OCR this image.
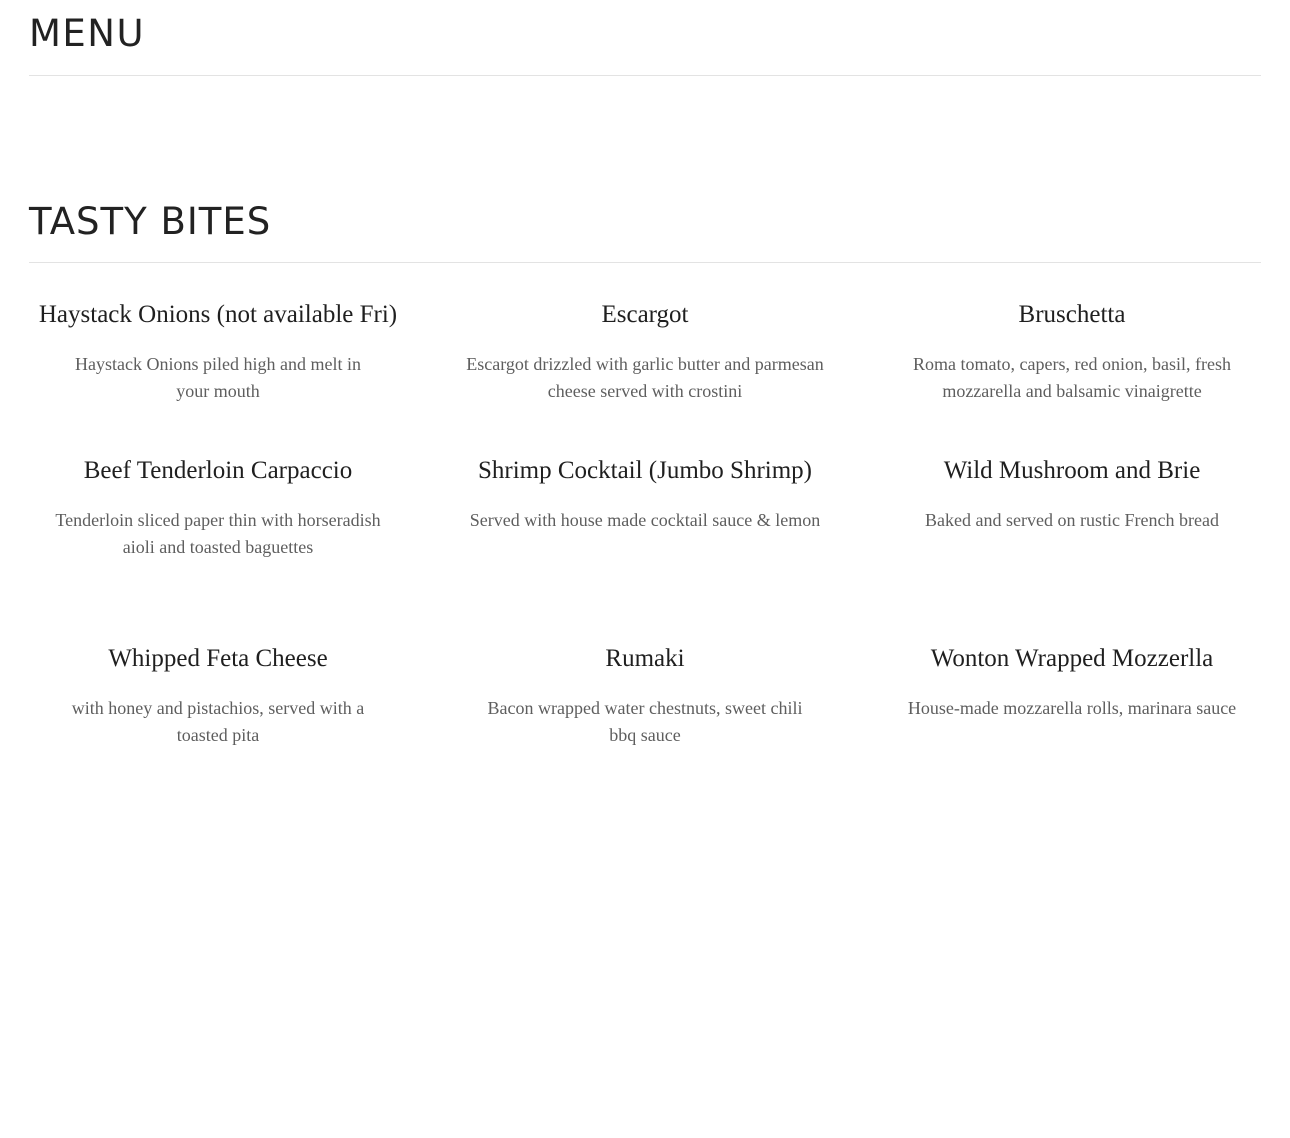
MENU
TASTY BITES
Haystack Onions (not available Fri)
Haystack Onions piled high and melt in your mouth
Escargot
Escargot drizzled with garlic butter and parmesan cheese served with crostini
Bruschetta
Roma tomato, capers, red onion, basil, fresh mozzarella and balsamic vinaigrette
Beef Tenderloin Carpaccio
Tenderloin sliced paper thin with horseradish aioli and toasted baguettes
Shrimp Cocktail (Jumbo Shrimp)
Served with house made cocktail sauce & lemon
Wild Mushroom and Brie
Baked and served on rustic French bread
Whipped Feta Cheese
with honey and pistachios, served with a toasted pita
Rumaki
Bacon wrapped water chestnuts, sweet chili bbq sauce
Wonton Wrapped Mozzerlla
House-made mozzarella rolls, marinara sauce
